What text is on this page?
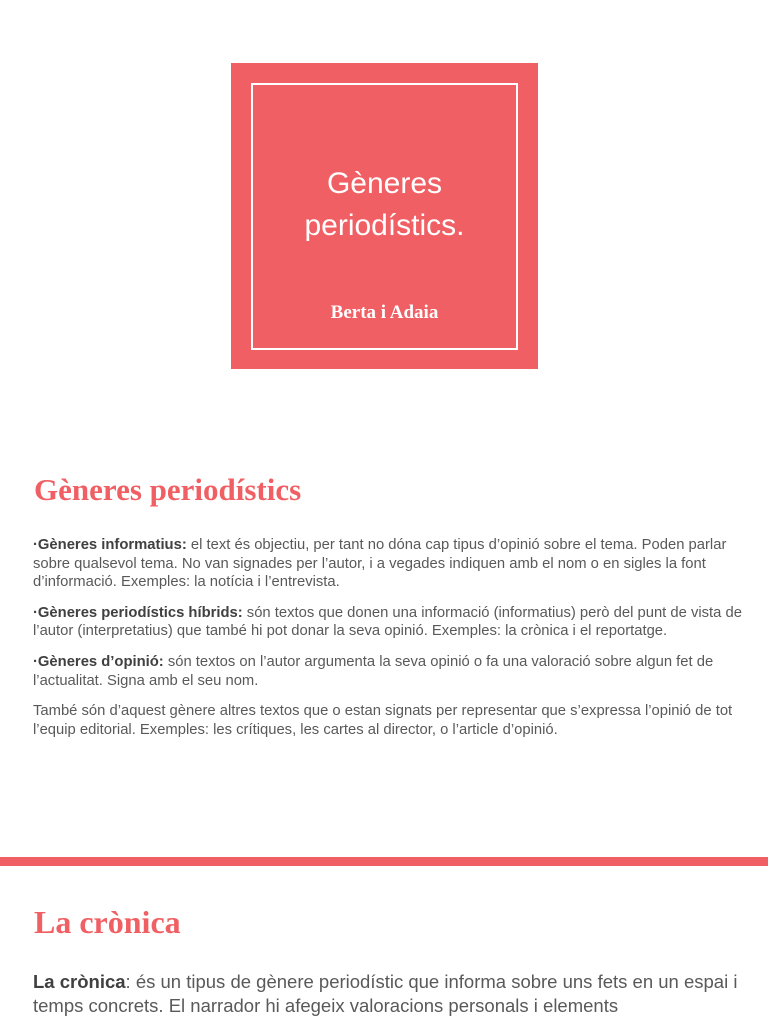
Gèneres
periodístics.
Berta i Adaia
Gèneres periodístics

·Gèneres informatius: el text és objectiu, per tant no dóna cap tipus d’opinió sobre el tema. Poden parlar sobre qualsevol tema. No van signades per l’autor, i a vegades indiquen amb el nom o en sigles la font d’informació. Exemples: la notícia i l’entrevista.

·Gèneres periodístics híbrids: són textos que donen una informació (informatius) però del punt de vista de l’autor (interpretatius) que també hi pot donar la seva opinió. Exemples: la crònica i el reportatge.

·Gèneres d’opinió: són textos on l’autor argumenta la seva opinió o fa una valoració sobre algun fet de l’actualitat. Signa amb el seu nom.

També són d’aquest gènere altres textos que o estan signats per representar que s’expressa l’opinió de tot l’equip editorial. Exemples: les crítiques, les cartes al director, o l’article d’opinió.

La crònica
La crònica: és un tipus de gènere periodístic que informa sobre uns fets en un espai i temps concrets. El narrador hi afegeix valoracions personals i elements
